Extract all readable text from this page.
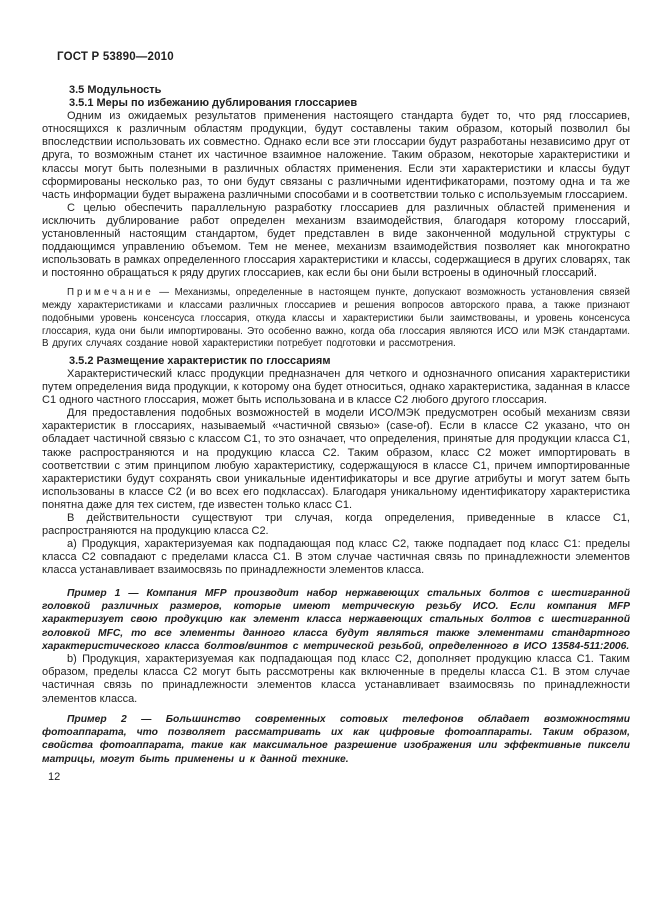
ГОСТ Р 53890—2010
3.5 Модульность
3.5.1 Меры по избежанию дублирования глоссариев

Одним из ожидаемых результатов применения настоящего стандарта будет то, что ряд глоссариев, относящихся к различным областям продукции, будут составлены таким образом, который позволил бы впоследствии использовать их совместно. Однако если все эти глоссарии будут разработаны независимо друг от друга, то возможным станет их частичное взаимное наложение. Таким образом, некоторые характеристики и классы могут быть полезными в различных областях применения. Если эти характеристики и классы будут сформированы несколько раз, то они будут связаны с различными идентификаторами, поэтому одна и та же часть информации будет выражена различными способами и в соответствии только с используемым глоссарием.

С целью обеспечить параллельную разработку глоссариев для различных областей применения и исключить дублирование работ определен механизм взаимодействия, благодаря которому глоссарий, установленный настоящим стандартом, будет представлен в виде законченной модульной структуры с поддающимся управлению объемом. Тем не менее, механизм взаимодействия позволяет как многократно использовать в рамках определенного глоссария характеристики и классы, содержащиеся в других словарях, так и постоянно обращаться к ряду других глоссариев, как если бы они были встроены в одиночный глоссарий.

Примечание — Механизмы, определенные в настоящем пункте, допускают возможность установления связей между характеристиками и классами различных глоссариев и решения вопросов авторского права, а также признают подобными уровень консенсуса глоссария, откуда классы и характеристики были заимствованы, и уровень консенсуса глоссария, куда они были импортированы. Это особенно важно, когда оба глоссария являются ИСО или МЭК стандартами. В других случаях создание новой характеристики потребует подготовки и рассмотрения.

3.5.2 Размещение характеристик по глоссариям

Характеристический класс продукции предназначен для четкого и однозначного описания характеристики путем определения вида продукции, к которому она будет относиться, однако характеристика, заданная в классе С1 одного частного глоссария, может быть использована и в классе С2 любого другого глоссария.

Для предоставления подобных возможностей в модели ИСО/МЭК предусмотрен особый механизм связи характеристик в глоссариях, называемый «частичной связью» (case-of). Если в классе С2 указано, что он обладает частичной связью с классом С1, то это означает, что определения, принятые для продукции класса С1, также распространяются и на продукцию класса С2. Таким образом, класс С2 может импортировать в соответствии с этим принципом любую характеристику, содержащуюся в классе С1, причем импортированные характеристики будут сохранять свои уникальные идентификаторы и все другие атрибуты и могут затем быть использованы в классе С2 (и во всех его подклассах). Благодаря уникальному идентификатору характеристика понятна даже для тех систем, где известен только класс С1.

В действительности существуют три случая, когда определения, приведенные в классе С1, распространяются на продукцию класса С2.

а) Продукция, характеризуемая как подпадающая под класс С2, также подпадает под класс С1: пределы класса С2 совпадают с пределами класса С1. В этом случае частичная связь по принадлежности элементов класса устанавливает взаимосвязь по принадлежности элементов класса.

Пример 1 — Компания MFP производит набор нержавеющих стальных болтов с шестигранной головкой различных размеров, которые имеют метрическую резьбу ИСО. Если компания MFP характеризует свою продукцию как элемент класса нержавеющих стальных болтов с шестигранной головкой MFC, то все элементы данного класса будут являться также элементами стандартного характеристического класса болтов/винтов с метрической резьбой, определенного в ИСО 13584-511:2006.

b) Продукция, характеризуемая как подпадающая под класс С2, дополняет продукцию класса С1. Таким образом, пределы класса С2 могут быть рассмотрены как включенные в пределы класса С1. В этом случае частичная связь по принадлежности элементов класса устанавливает взаимосвязь по принадлежности элементов класса.

Пример 2 — Большинство современных сотовых телефонов обладает возможностями фотоаппарата, что позволяет рассматривать их как цифровые фотоаппараты. Таким образом, свойства фотоаппарата, такие как максимальное разрешение изображения или эффективные пиксели матрицы, могут быть применены и к данной технике.

12
